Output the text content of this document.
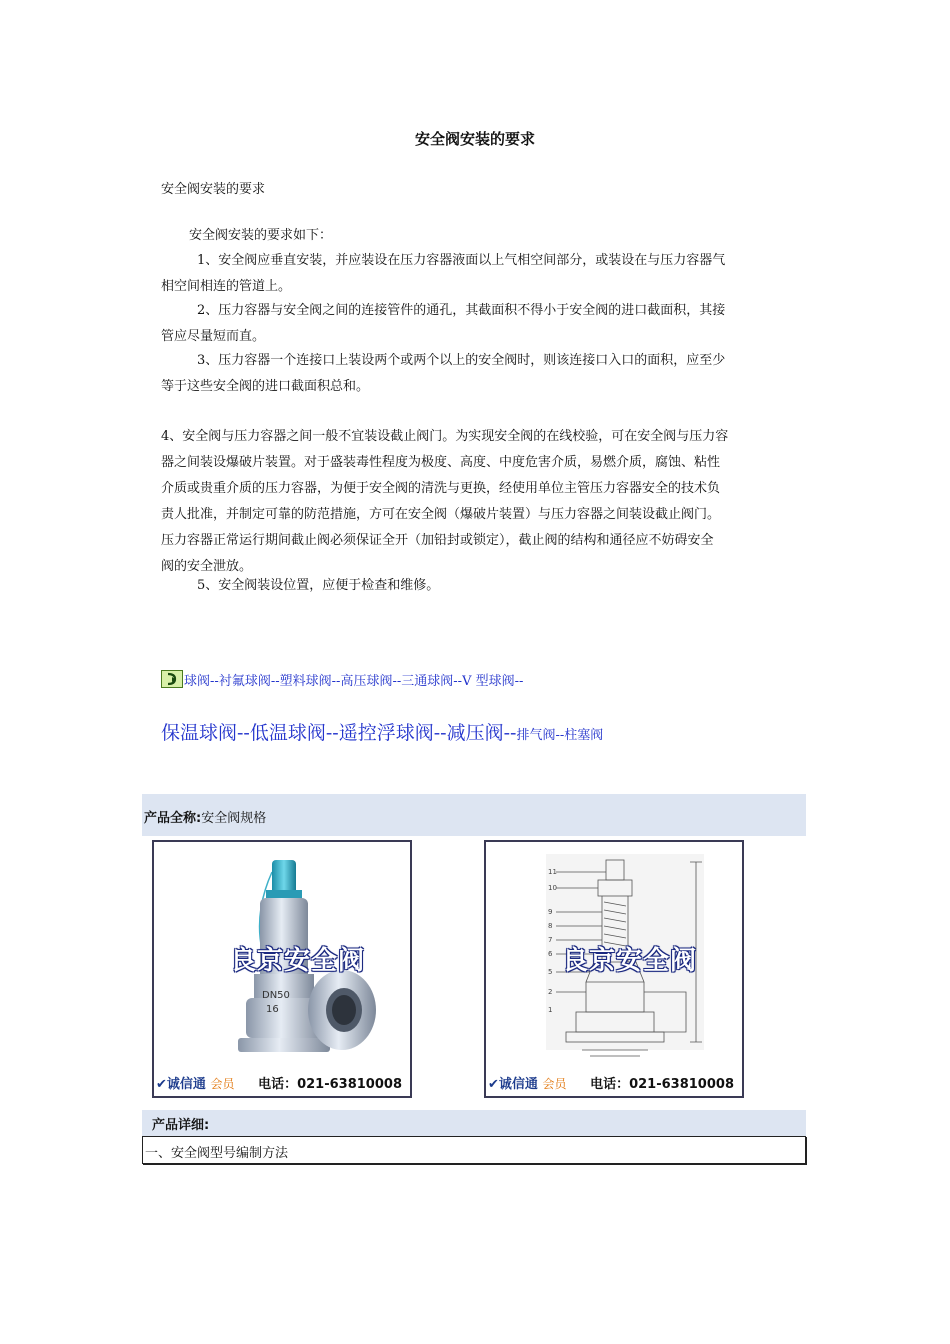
安全阀安装的要求
安全阀安装的要求
安全阀安装的要求如下：
1、安全阀应垂直安装，并应装设在压力容器液面以上气相空间部分，或装设在与压力容器气
相空间相连的管道上。
2、压力容器与安全阀之间的连接管件的通孔，其截面积不得小于安全阀的进口截面积，其接
管应尽量短而直。
3、压力容器一个连接口上装设两个或两个以上的安全阀时，则该连接口入口的面积，应至少
等于这些安全阀的进口截面积总和。
4、安全阀与压力容器之间一般不宜装设截止阀门。为实现安全阀的在线校验，可在安全阀与压力容
器之间装设爆破片装置。对于盛装毒性程度为极度、高度、中度危害介质，易燃介质，腐蚀、粘性
介质或贵重介质的压力容器，为便于安全阀的清洗与更换，经使用单位主管压力容器安全的技术负
责人批准，并制定可靠的防范措施，方可在安全阀（爆破片装置）与压力容器之间装设截止阀门。
压力容器正常运行期间截止阀必须保证全开（加铅封或锁定），截止阀的结构和通径应不妨碍安全
阀的安全泄放。
5、安全阀装设位置，应便于检查和维修。
球阀--衬氟球阀--塑料球阀--高压球阀--三通球阀--V 型球阀--
保温球阀--低温球阀--遥控浮球阀--减压阀--排气阀--柱塞阀
产品全称:安全阀规格
DN50
16
良京安全阀
✔诚信通 会员 电话：021-63810008
11
10
9
8
7
6
5
2
1
良京安全阀
✔诚信通 会员 电话：021-63810008
产品详细:
一、安全阀型号编制方法
